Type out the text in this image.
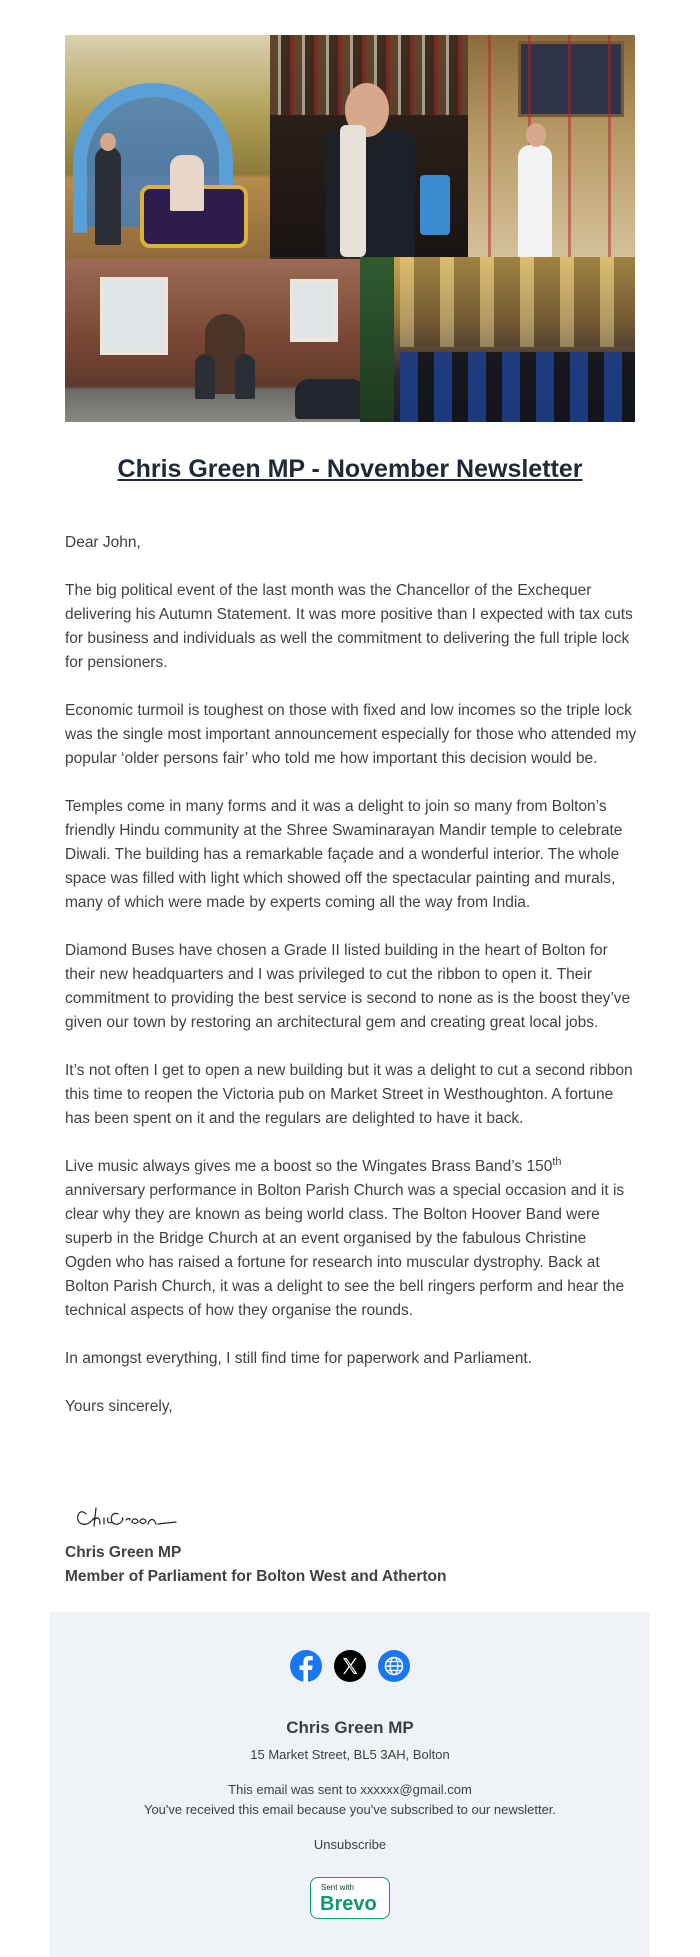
Chris Green MP - November Newsletter

Dear John,

The big political event of the last month was the Chancellor of the Exchequer delivering his Autumn Statement. It was more positive than I expected with tax cuts for business and individuals as well the commitment to delivering the full triple lock for pensioners.

Economic turmoil is toughest on those with fixed and low incomes so the triple lock was the single most important announcement especially for those who attended my popular ‘older persons fair’ who told me how important this decision would be.

Temples come in many forms and it was a delight to join so many from Bolton’s friendly Hindu community at the Shree Swaminarayan Mandir temple to celebrate Diwali. The building has a remarkable façade and a wonderful interior. The whole space was filled with light which showed off the spectacular painting and murals, many of which were made by experts coming all the way from India.

Diamond Buses have chosen a Grade II listed building in the heart of Bolton for their new headquarters and I was privileged to cut the ribbon to open it. Their commitment to providing the best service is second to none as is the boost they’ve given our town by restoring an architectural gem and creating great local jobs.

It’s not often I get to open a new building but it was a delight to cut a second ribbon this time to reopen the Victoria pub on Market Street in Westhoughton. A fortune has been spent on it and the regulars are delighted to have it back.

Live music always gives me a boost so the Wingates Brass Band’s 150th anniversary performance in Bolton Parish Church was a special occasion and it is clear why they are known as being world class. The Bolton Hoover Band were superb in the Bridge Church at an event organised by the fabulous Christine Ogden who has raised a fortune for research into muscular dystrophy. Back at Bolton Parish Church, it was a delight to see the bell ringers perform and hear the technical aspects of how they organise the rounds.

In amongst everything, I still find time for paperwork and Parliament.

Yours sincerely,

Chris Green MP
Member of Parliament for Bolton West and Atherton

Chris Green MP
15 Market Street, BL5 3AH, Bolton
This email was sent to xxxxxx@gmail.com
You've received this email because you've subscribed to our newsletter.
Unsubscribe
Sent with
Brevo
